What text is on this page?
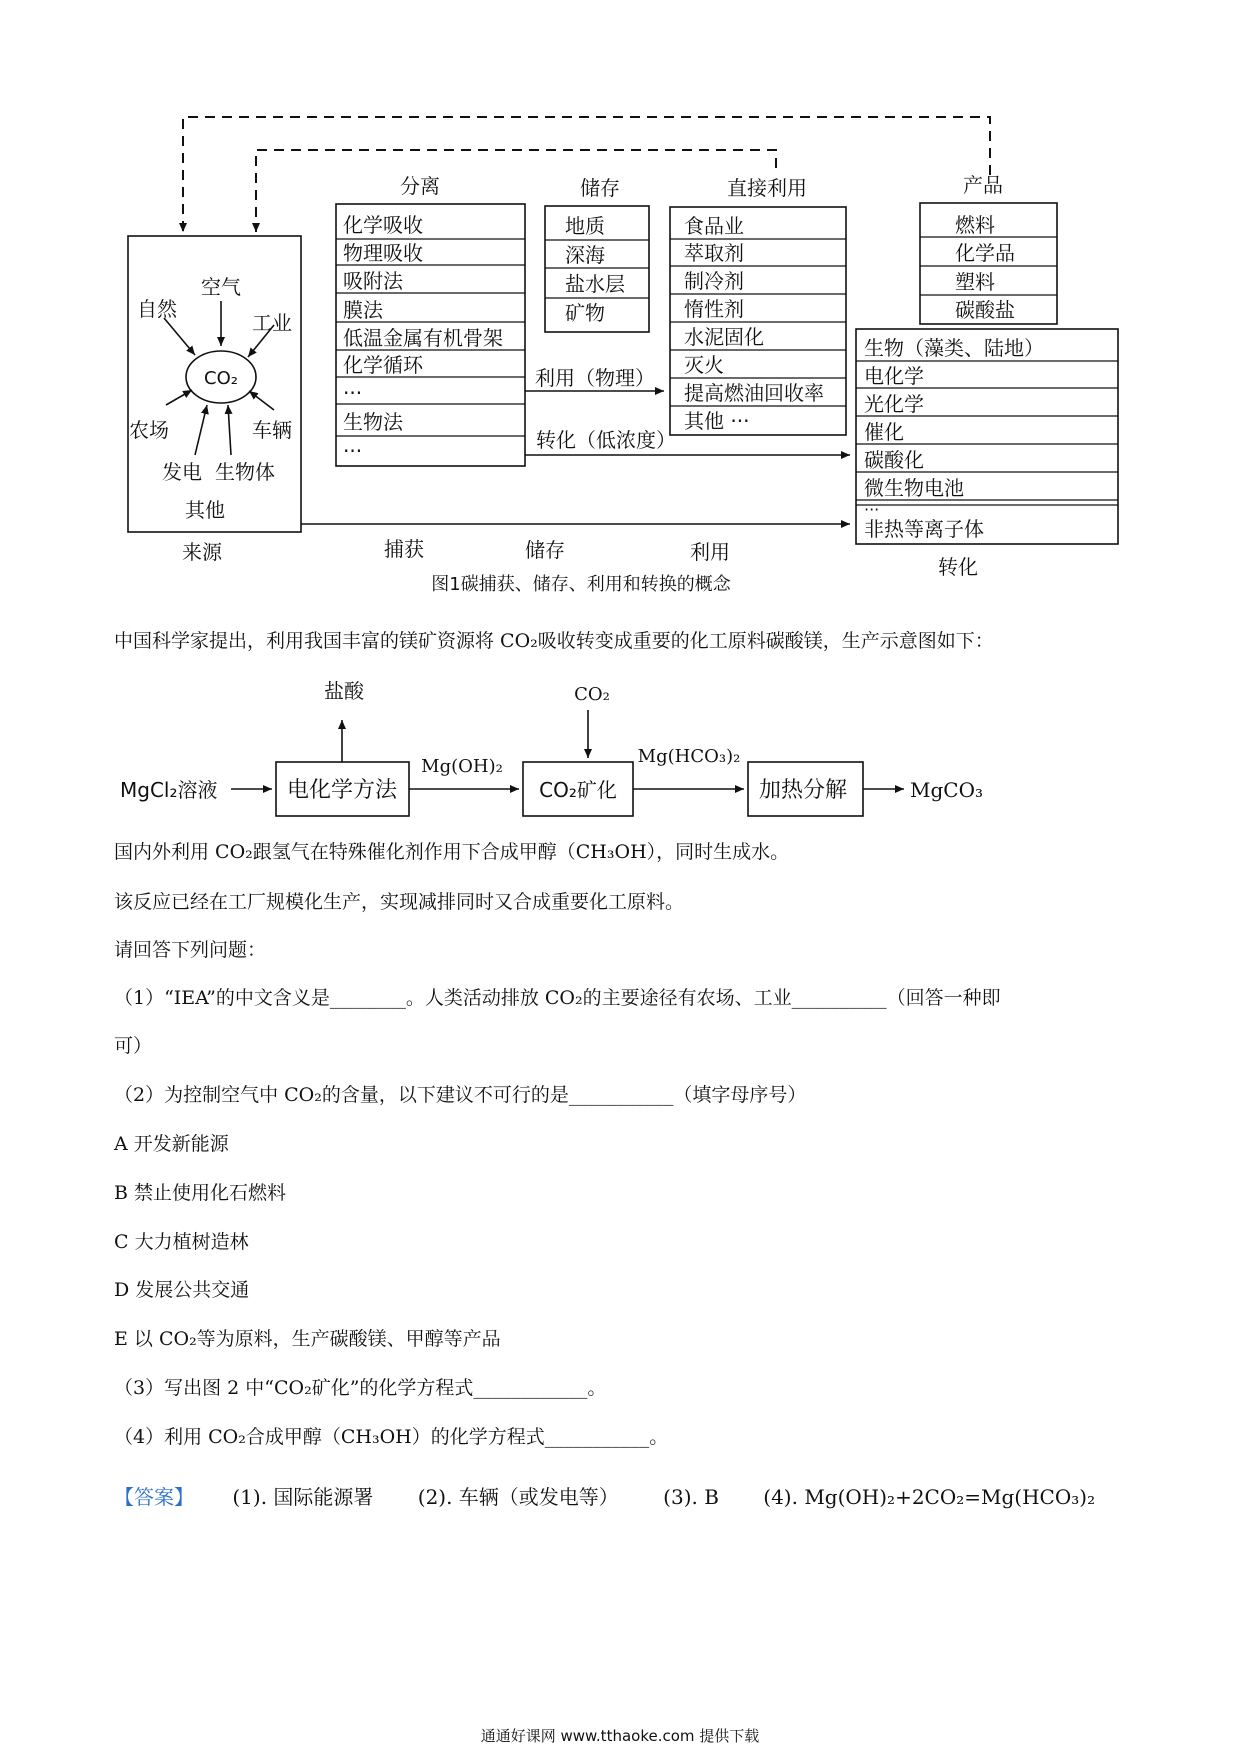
CO₂
空气
自然
工业
农场	车辆
发电 生物体
其他
来源
分离	储存	直接利用	产品
化学吸收
物理吸收
吸附法
膜法
低温金属有机骨架
化学循环
···
生物法
···
地质
深海
盐水层
矿物
食品业
萃取剂
制冷剂
惰性剂
水泥固化
灭火
提高燃油回收率
其他 ···
燃料
化学品
塑料
碳酸盐
生物（藻类、陆地）
电化学
光化学
催化
碳酸化
微生物电池
···
非热等离子体
利用（物理）
转化（低浓度）
捕获	储存	利用
转化
图1碳捕获、储存、利用和转换的概念
中国科学家提出，利用我国丰富的镁矿资源将 CO₂吸收转变成重要的化工原料碳酸镁，生产示意图如下：
MgCl₂溶液
盐酸
电化学方法
Mg(OH)₂
CO₂
CO₂矿化
Mg(HCO₃)₂
加热分解	MgCO₃
国内外利用 CO₂跟氢气在特殊催化剂作用下合成甲醇（CH₃OH），同时生成水。
该反应已经在工厂规模化生产，实现减排同时又合成重要化工原料。
请回答下列问题：
（1）“IEA”的中文含义是________。人类活动排放 CO₂的主要途径有农场、工业__________（回答一种即
可）
（2）为控制空气中 CO₂的含量，以下建议不可行的是___________（填字母序号）
A 开发新能源
B 禁止使用化石燃料
C 大力植树造林
D 发展公共交通
E 以 CO₂等为原料，生产碳酸镁、甲醇等产品
（3）写出图 2 中“CO₂矿化”的化学方程式____________。
（4）利用 CO₂合成甲醇（CH₃OH）的化学方程式___________。
【答案】 (1). 国际能源署 (2). 车辆（或发电等） (3). B (4). Mg(OH)₂+2CO₂=Mg(HCO₃)₂
通通好课网 www.tthaoke.com 提供下载
